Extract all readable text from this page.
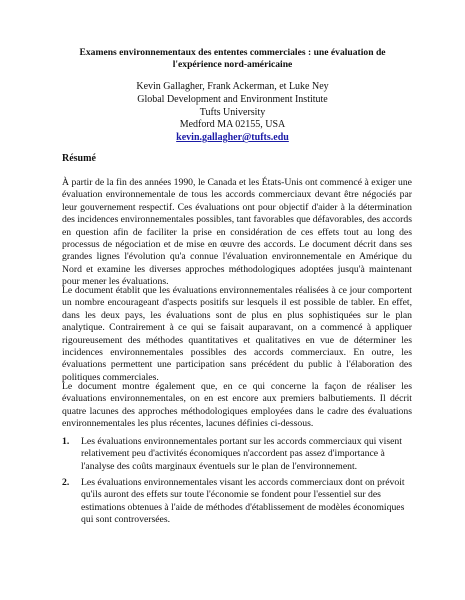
Examens environnementaux des ententes commerciales : une évaluation de l'expérience nord-américaine
Kevin Gallagher, Frank Ackerman, et Luke Ney
Global Development and Environment Institute
Tufts University
Medford MA 02155, USA
kevin.gallagher@tufts.edu
Résumé

À partir de la fin des années 1990, le Canada et les États-Unis ont commencé à exiger une évaluation environnementale de tous les accords commerciaux devant être négociés par leur gouvernement respectif. Ces évaluations ont pour objectif d'aider à la détermination des incidences environnementales possibles, tant favorables que défavorables, des accords en question afin de faciliter la prise en considération de ces effets tout au long des processus de négociation et de mise en œuvre des accords. Le document décrit dans ses grandes lignes l'évolution qu'a connue l'évaluation environnementale en Amérique du Nord et examine les diverses approches méthodologiques adoptées jusqu'à maintenant pour mener les évaluations.

Le document établit que les évaluations environnementales réalisées à ce jour comportent un nombre encourageant d'aspects positifs sur lesquels il est possible de tabler. En effet, dans les deux pays, les évaluations sont de plus en plus sophistiquées sur le plan analytique. Contrairement à ce qui se faisait auparavant, on a commencé à appliquer rigoureusement des méthodes quantitatives et qualitatives en vue de déterminer les incidences environnementales possibles des accords commerciaux. En outre, les évaluations permettent une participation sans précédent du public à l'élaboration des politiques commerciales.

Le document montre également que, en ce qui concerne la façon de réaliser les évaluations environnementales, on en est encore aux premiers balbutiements. Il décrit quatre lacunes des approches méthodologiques employées dans le cadre des évaluations environnementales les plus récentes, lacunes définies ci-dessous.

1.	Les évaluations environnementales portant sur les accords commerciaux qui visent relativement peu d'activités économiques n'accordent pas assez d'importance à l'analyse des coûts marginaux éventuels sur le plan de l'environnement.
2.	Les évaluations environnementales visant les accords commerciaux dont on prévoit qu'ils auront des effets sur toute l'économie se fondent pour l'essentiel sur des estimations obtenues à l'aide de méthodes d'établissement de modèles économiques qui sont controversées.
